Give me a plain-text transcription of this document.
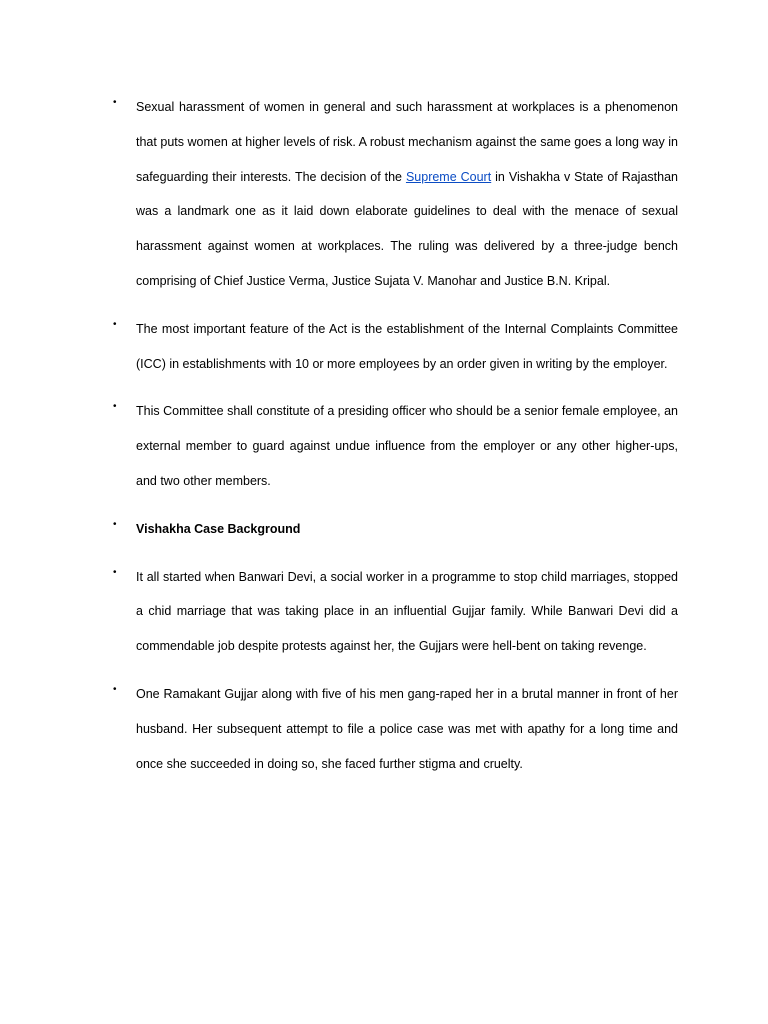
• Sexual harassment of women in general and such harassment at workplaces is a phenomenon that puts women at higher levels of risk. A robust mechanism against the same goes a long way in safeguarding their interests. The decision of the Supreme Court in Vishakha v State of Rajasthan was a landmark one as it laid down elaborate guidelines to deal with the menace of sexual harassment against women at workplaces. The ruling was delivered by a three-judge bench comprising of Chief Justice Verma, Justice Sujata V. Manohar and Justice B.N. Kripal.
• The most important feature of the Act is the establishment of the Internal Complaints Committee (ICC) in establishments with 10 or more employees by an order given in writing by the employer.
• This Committee shall constitute of a presiding officer who should be a senior female employee, an external member to guard against undue influence from the employer or any other higher-ups, and two other members.
• Vishakha Case Background
• It all started when Banwari Devi, a social worker in a programme to stop child marriages, stopped a chid marriage that was taking place in an influential Gujjar family. While Banwari Devi did a commendable job despite protests against her, the Gujjars were hell-bent on taking revenge.
• One Ramakant Gujjar along with five of his men gang-raped her in a brutal manner in front of her husband. Her subsequent attempt to file a police case was met with apathy for a long time and once she succeeded in doing so, she faced further stigma and cruelty.
